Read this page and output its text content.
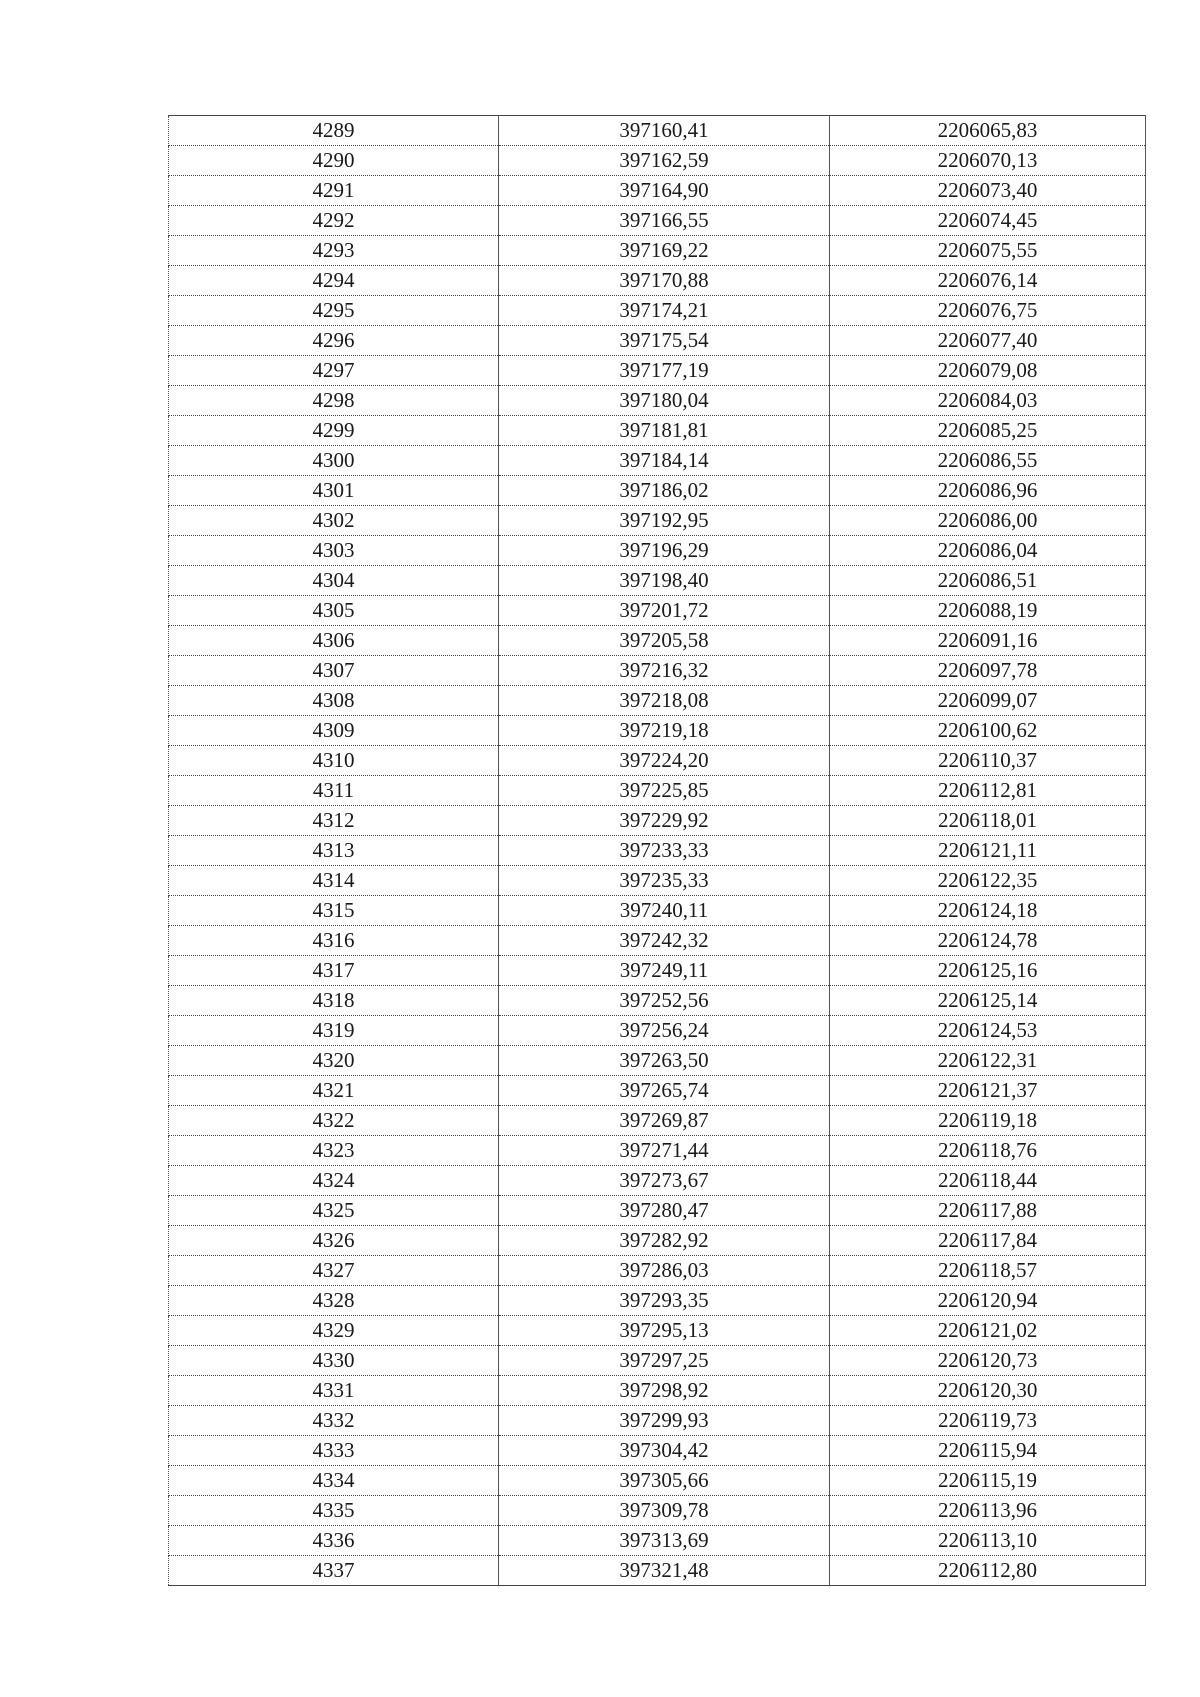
4289	397160,41	2206065,83
4290	397162,59	2206070,13
4291	397164,90	2206073,40
4292	397166,55	2206074,45
4293	397169,22	2206075,55
4294	397170,88	2206076,14
4295	397174,21	2206076,75
4296	397175,54	2206077,40
4297	397177,19	2206079,08
4298	397180,04	2206084,03
4299	397181,81	2206085,25
4300	397184,14	2206086,55
4301	397186,02	2206086,96
4302	397192,95	2206086,00
4303	397196,29	2206086,04
4304	397198,40	2206086,51
4305	397201,72	2206088,19
4306	397205,58	2206091,16
4307	397216,32	2206097,78
4308	397218,08	2206099,07
4309	397219,18	2206100,62
4310	397224,20	2206110,37
4311	397225,85	2206112,81
4312	397229,92	2206118,01
4313	397233,33	2206121,11
4314	397235,33	2206122,35
4315	397240,11	2206124,18
4316	397242,32	2206124,78
4317	397249,11	2206125,16
4318	397252,56	2206125,14
4319	397256,24	2206124,53
4320	397263,50	2206122,31
4321	397265,74	2206121,37
4322	397269,87	2206119,18
4323	397271,44	2206118,76
4324	397273,67	2206118,44
4325	397280,47	2206117,88
4326	397282,92	2206117,84
4327	397286,03	2206118,57
4328	397293,35	2206120,94
4329	397295,13	2206121,02
4330	397297,25	2206120,73
4331	397298,92	2206120,30
4332	397299,93	2206119,73
4333	397304,42	2206115,94
4334	397305,66	2206115,19
4335	397309,78	2206113,96
4336	397313,69	2206113,10
4337	397321,48	2206112,80
